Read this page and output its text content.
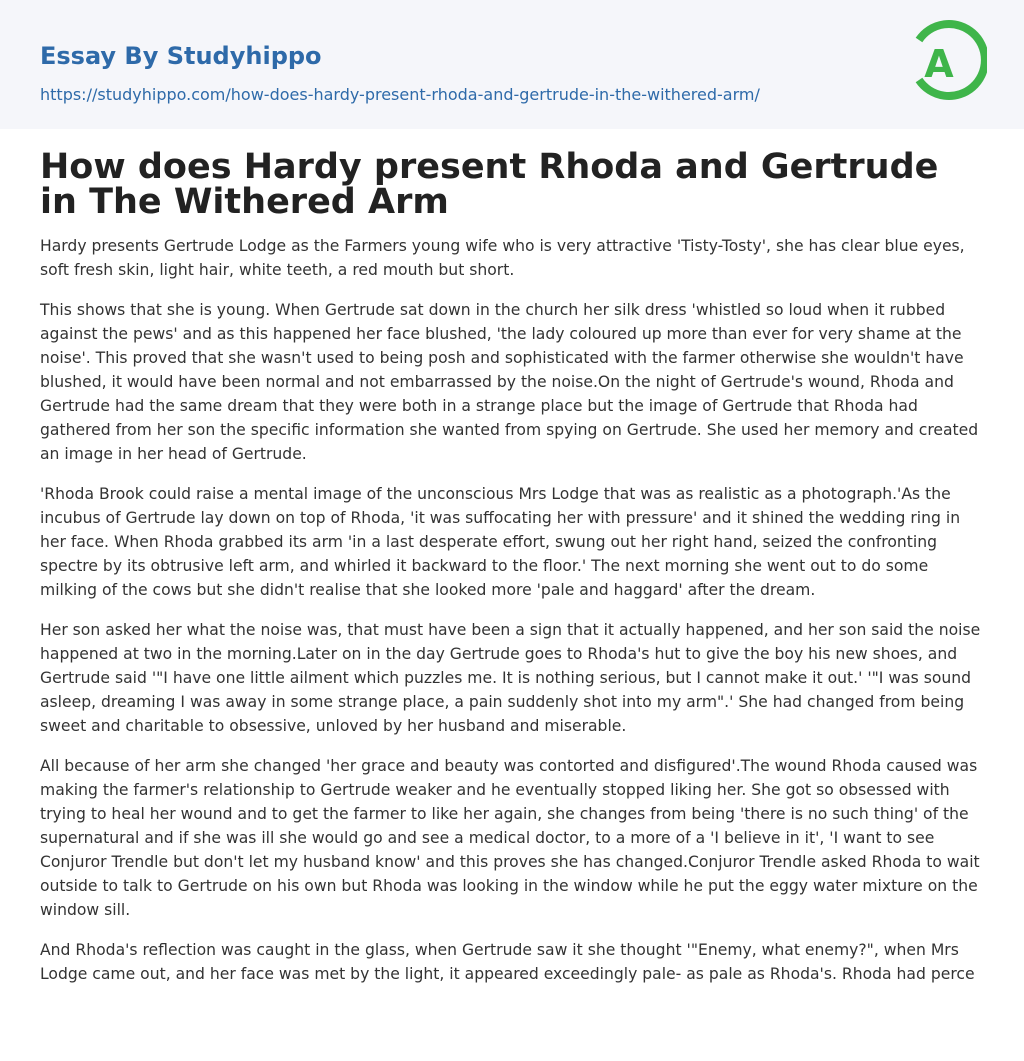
Essay By Studyhippo
https://studyhippo.com/how-does-hardy-present-rhoda-and-gertrude-in-the-withered-arm/
A
How does Hardy present Rhoda and Gertrude in The Withered Arm

Hardy presents Gertrude Lodge as the Farmers young wife who is very attractive 'Tisty-Tosty', she has clear blue eyes, soft fresh skin, light hair, white teeth, a red mouth but short.

This shows that she is young. When Gertrude sat down in the church her silk dress 'whistled so loud when it rubbed against the pews' and as this happened her face blushed, 'the lady coloured up more than ever for very shame at the noise'. This proved that she wasn't used to being posh and sophisticated with the farmer otherwise she wouldn't have blushed, it would have been normal and not embarrassed by the noise.On the night of Gertrude's wound, Rhoda and Gertrude had the same dream that they were both in a strange place but the image of Gertrude that Rhoda had gathered from her son the specific information she wanted from spying on Gertrude. She used her memory and created an image in her head of Gertrude.

'Rhoda Brook could raise a mental image of the unconscious Mrs Lodge that was as realistic as a photograph.'As the incubus of Gertrude lay down on top of Rhoda, 'it was suffocating her with pressure' and it shined the wedding ring in her face. When Rhoda grabbed its arm 'in a last desperate effort, swung out her right hand, seized the confronting spectre by its obtrusive left arm, and whirled it backward to the floor.' The next morning she went out to do some milking of the cows but she didn't realise that she looked more 'pale and haggard' after the dream.

Her son asked her what the noise was, that must have been a sign that it actually happened, and her son said the noise happened at two in the morning.Later on in the day Gertrude goes to Rhoda's hut to give the boy his new shoes, and Gertrude said '"I have one little ailment which puzzles me. It is nothing serious, but I cannot make it out.' '"I was sound asleep, dreaming I was away in some strange place, a pain suddenly shot into my arm".' She had changed from being sweet and charitable to obsessive, unloved by her husband and miserable.

All because of her arm she changed 'her grace and beauty was contorted and disfigured'.The wound Rhoda caused was making the farmer's relationship to Gertrude weaker and he eventually stopped liking her. She got so obsessed with trying to heal her wound and to get the farmer to like her again, she changes from being 'there is no such thing' of the supernatural and if she was ill she would go and see a medical doctor, to a more of a 'I believe in it', 'I want to see Conjuror Trendle but don't let my husband know' and this proves she has changed.Conjuror Trendle asked Rhoda to wait outside to talk to Gertrude on his own but Rhoda was looking in the window while he put the eggy water mixture on the window sill.

And Rhoda's reflection was caught in the glass, when Gertrude saw it she thought '"Enemy, what enemy?", when Mrs Lodge came out, and her face was met by the light, it appeared exceedingly pale- as pale as Rhoda's. Rhoda had perce
